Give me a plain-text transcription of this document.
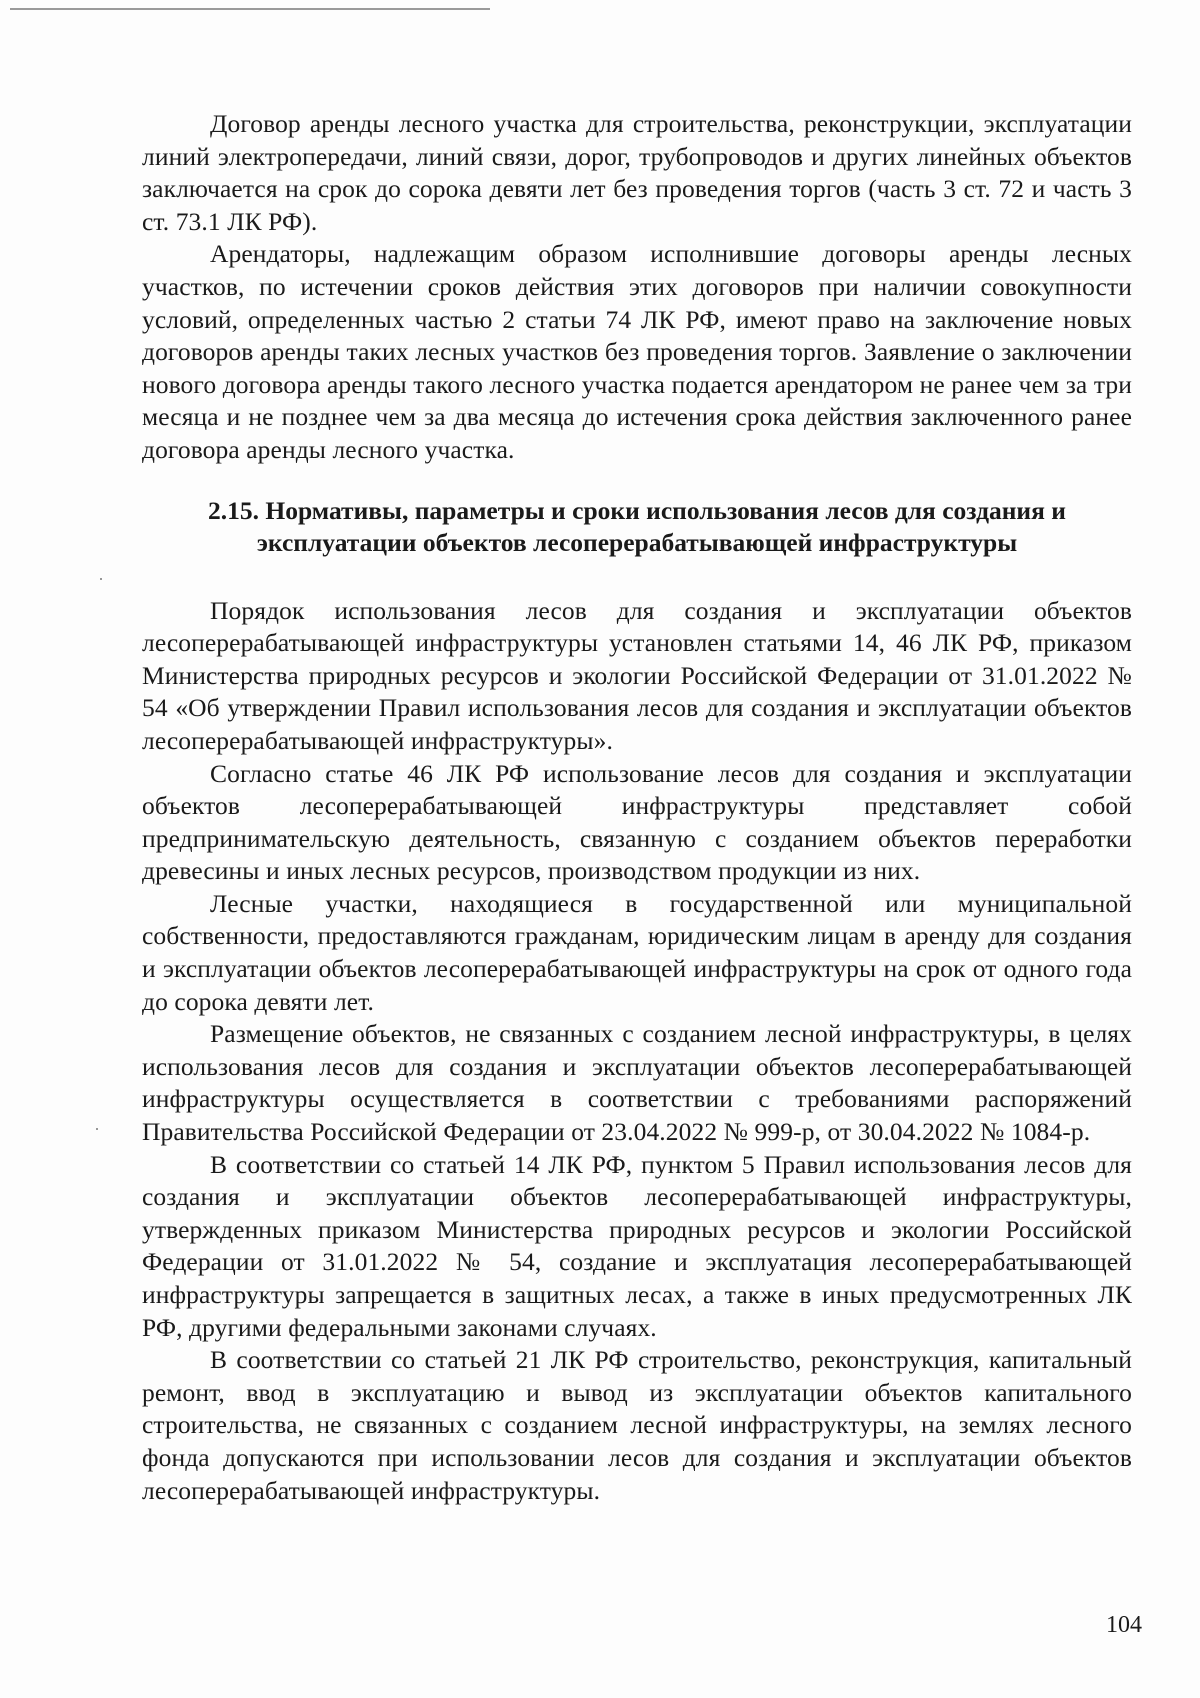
Договор аренды лесного участка для строительства, реконструкции, эксплуатации линий электропередачи, линий связи, дорог, трубопроводов и других линейных объектов заключается на срок до сорока девяти лет без проведения торгов (часть 3 ст. 72 и часть 3 ст. 73.1 ЛК РФ).

Арендаторы, надлежащим образом исполнившие договоры аренды лесных участков, по истечении сроков действия этих договоров при наличии совокупности условий, определенных частью 2 статьи 74 ЛК РФ, имеют право на заключение новых договоров аренды таких лесных участков без проведения торгов. Заявление о заключении нового договора аренды такого лесного участка подается арендатором не ранее чем за три месяца и не позднее чем за два месяца до истечения срока действия заключенного ранее договора аренды лесного участка.

2.15. Нормативы, параметры и сроки использования лесов для создания и
эксплуатации объектов лесоперерабатывающей инфраструктуры

Порядок использования лесов для создания и эксплуатации объектов лесоперерабатывающей инфраструктуры установлен статьями 14, 46 ЛК РФ, приказом Министерства природных ресурсов и экологии Российской Федерации от 31.01.2022 № 54 «Об утверждении Правил использования лесов для создания и эксплуатации объектов лесоперерабатывающей инфраструктуры».

Согласно статье 46 ЛК РФ использование лесов для создания и эксплуатации объектов лесоперерабатывающей инфраструктуры представляет собой предпринимательскую деятельность, связанную с созданием объектов переработки древесины и иных лесных ресурсов, производством продукции из них.

Лесные участки, находящиеся в государственной или муниципальной собственности, предоставляются гражданам, юридическим лицам в аренду для создания и эксплуатации объектов лесоперерабатывающей инфраструктуры на срок от одного года до сорока девяти лет.

Размещение объектов, не связанных с созданием лесной инфраструктуры, в целях использования лесов для создания и эксплуатации объектов лесоперерабатывающей инфраструктуры осуществляется в соответствии с требованиями распоряжений Правительства Российской Федерации от 23.04.2022 № 999-р, от 30.04.2022 № 1084-р.

В соответствии со статьей 14 ЛК РФ, пунктом 5 Правил использования лесов для создания и эксплуатации объектов лесоперерабатывающей инфраструктуры, утвержденных приказом Министерства природных ресурсов и экологии Российской Федерации от 31.01.2022 № 54, создание и эксплуатация лесоперерабатывающей инфраструктуры запрещается в защитных лесах, а также в иных предусмотренных ЛК РФ, другими федеральными законами случаях.

В соответствии со статьей 21 ЛК РФ строительство, реконструкция, капитальный ремонт, ввод в эксплуатацию и вывод из эксплуатации объектов капитального строительства, не связанных с созданием лесной инфраструктуры, на землях лесного фонда допускаются при использовании лесов для создания и эксплуатации объектов лесоперерабатывающей инфраструктуры.

104
